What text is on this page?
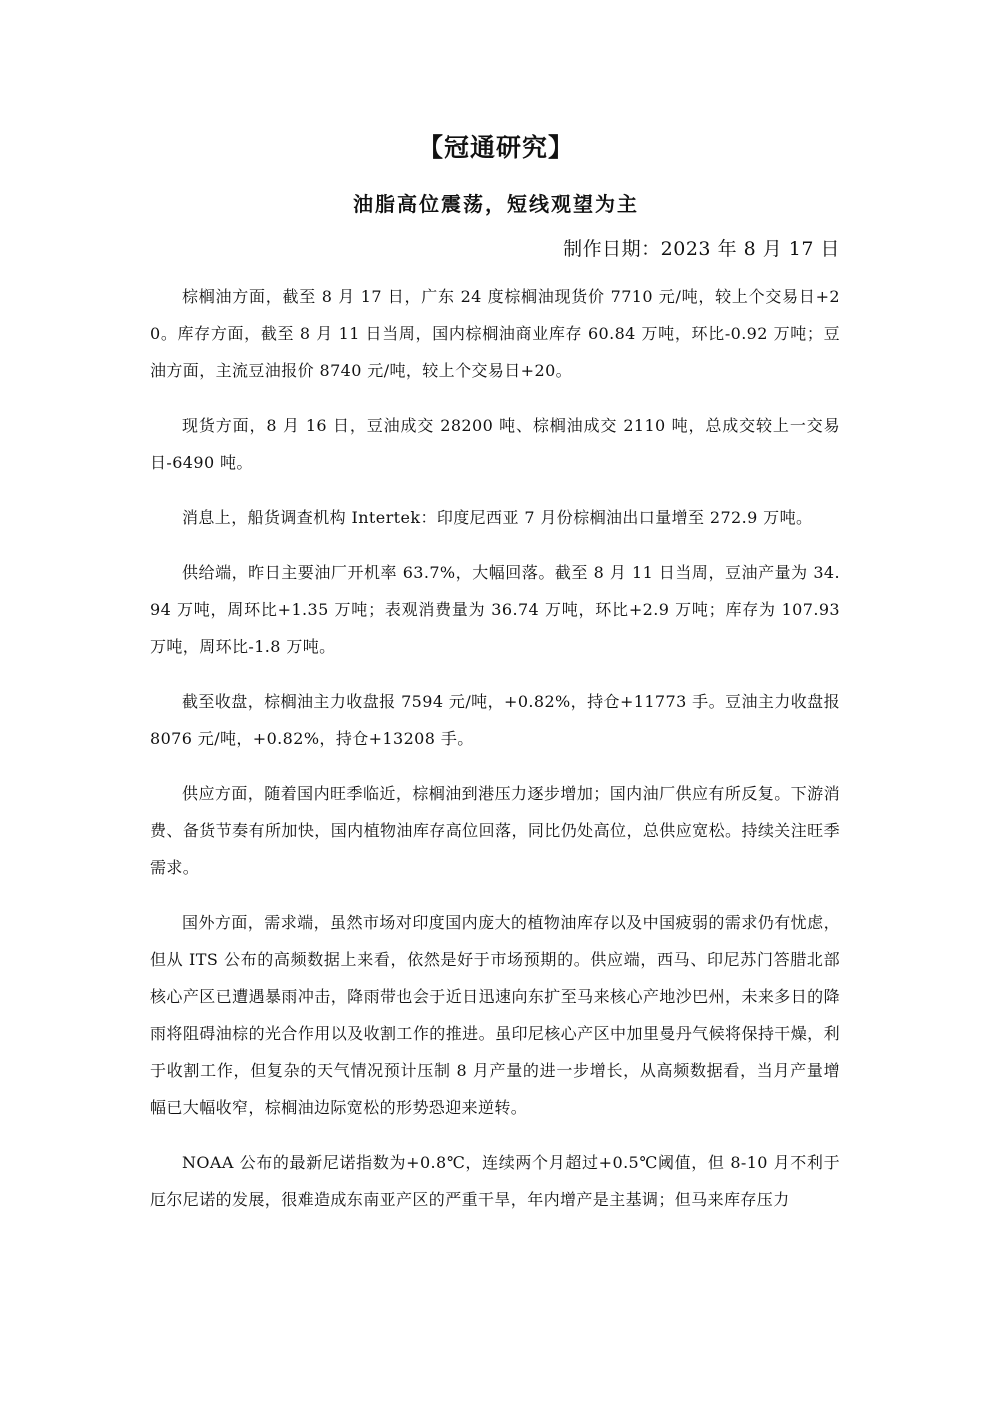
【冠通研究】
油脂高位震荡，短线观望为主
制作日期：2023 年 8 月 17 日

棕榈油方面，截至 8 月 17 日，广东 24 度棕榈油现货价 7710 元/吨，较上个交易日+20。库存方面，截至 8 月 11 日当周，国内棕榈油商业库存 60.84 万吨，环比-0.92 万吨；豆油方面，主流豆油报价 8740 元/吨，较上个交易日+20。

现货方面，8 月 16 日，豆油成交 28200 吨、棕榈油成交 2110 吨，总成交较上一交易日-6490 吨。

消息上，船货调查机构 Intertek：印度尼西亚 7 月份棕榈油出口量增至 272.9 万吨。

供给端，昨日主要油厂开机率 63.7%，大幅回落。截至 8 月 11 日当周，豆油产量为 34.94 万吨，周环比+1.35 万吨；表观消费量为 36.74 万吨，环比+2.9 万吨；库存为 107.93 万吨，周环比-1.8 万吨。

截至收盘，棕榈油主力收盘报 7594 元/吨，+0.82%，持仓+11773 手。豆油主力收盘报 8076 元/吨，+0.82%，持仓+13208 手。

供应方面，随着国内旺季临近，棕榈油到港压力逐步增加；国内油厂供应有所反复。下游消费、备货节奏有所加快，国内植物油库存高位回落，同比仍处高位，总供应宽松。持续关注旺季需求。

国外方面，需求端，虽然市场对印度国内庞大的植物油库存以及中国疲弱的需求仍有忧虑，但从 ITS 公布的高频数据上来看，依然是好于市场预期的。供应端，西马、印尼苏门答腊北部核心产区已遭遇暴雨冲击，降雨带也会于近日迅速向东扩至马来核心产地沙巴州，未来多日的降雨将阻碍油棕的光合作用以及收割工作的推进。虽印尼核心产区中加里曼丹气候将保持干燥，利于收割工作，但复杂的天气情况预计压制 8 月产量的进一步增长，从高频数据看，当月产量增幅已大幅收窄，棕榈油边际宽松的形势恐迎来逆转。

NOAA 公布的最新尼诺指数为+0.8℃，连续两个月超过+0.5℃阈值，但 8-10 月不利于厄尔尼诺的发展，很难造成东南亚产区的严重干旱，年内增产是主基调；但马来库存压力
